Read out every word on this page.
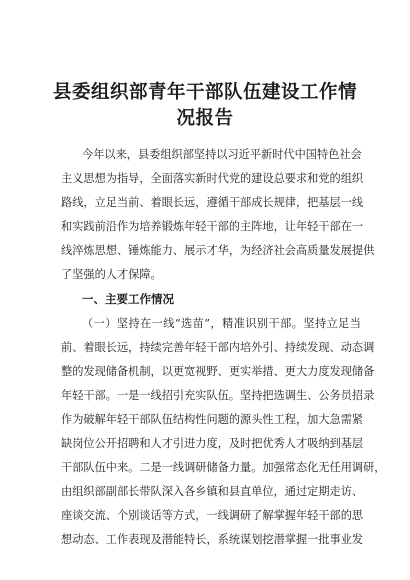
县委组织部青年干部队伍建设工作情
况报告
今年以来，县委组织部坚持以习近平新时代中国特色社会
主义思想为指导，全面落实新时代党的建设总要求和党的组织
路线，立足当前、着眼长远，遵循干部成长规律，把基层一线
和实践前沿作为培养锻炼年轻干部的主阵地，让年轻干部在一
线淬炼思想、锤炼能力、展示才华，为经济社会高质量发展提供
了坚强的人才保障。
一、主要工作情况
（一）坚持在一线“选苗”，精准识别干部。坚持立足当
前、着眼长远，持续完善年轻干部内培外引、持续发现、动态调
整的发现储备机制，以更宽视野、更实举措、更大力度发现储备
年轻干部。一是一线招引充实队伍。坚持把选调生、公务员招录
作为破解年轻干部队伍结构性问题的源头性工程，加大急需紧
缺岗位公开招聘和人才引进力度，及时把优秀人才吸纳到基层
干部队伍中来。二是一线调研储备力量。加强常态化无任用调研，
由组织部副部长带队深入各乡镇和县直单位，通过定期走访、
座谈交流、个别谈话等方式，一线调研了解掌握年轻干部的思
想动态、工作表现及潜能特长，系统谋划挖潜掌握一批事业发
